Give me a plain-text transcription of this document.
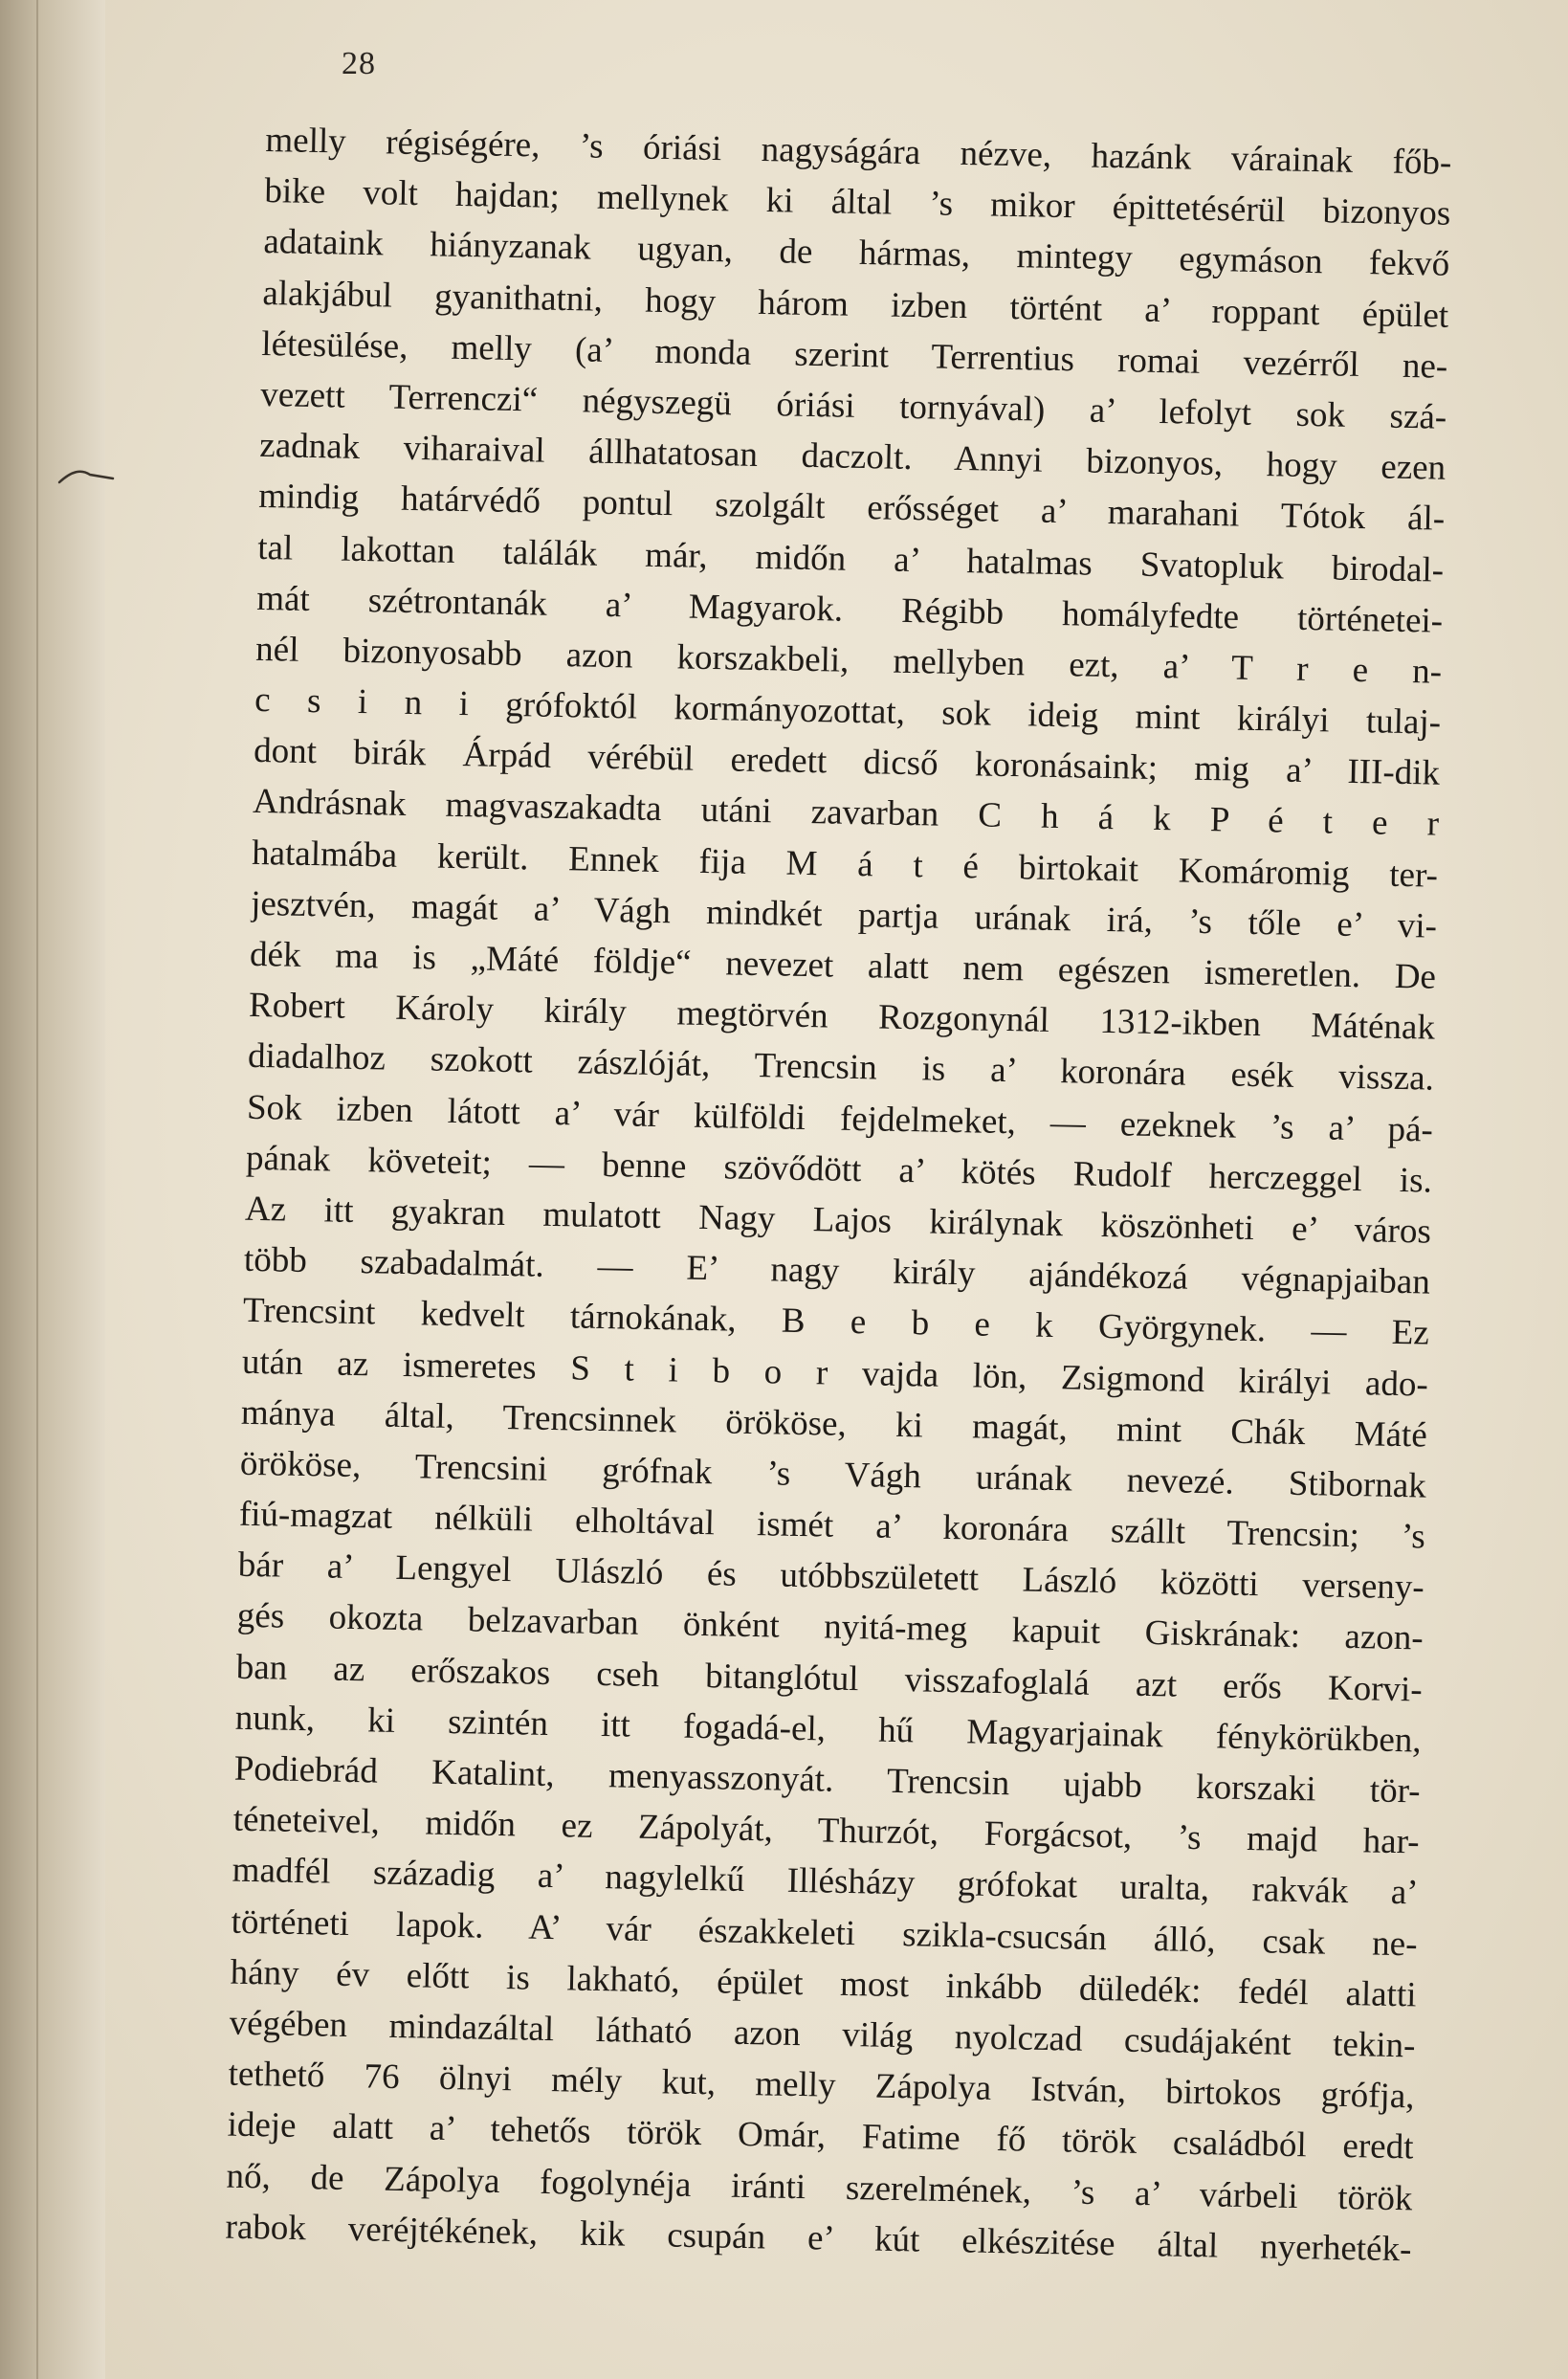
28
melly régiségére, ’s óriási nagyságára nézve, hazánk várainak főb-
bike volt hajdan; mellynek ki által ’s mikor épittetésérül bizonyos
adataink hiányzanak ugyan, de hármas, mintegy egymáson fekvő
alakjábul gyanithatni, hogy három izben történt a’ roppant épület
létesülése, melly (a’ monda szerint Terrentius romai vezérről ne-
vezett Terrenczi“ négyszegü óriási tornyával) a’ lefolyt sok szá-
zadnak viharaival állhatatosan daczolt. Annyi bizonyos, hogy ezen
mindig határvédő pontul szolgált erősséget a’ marahani Tótok ál-
tal lakottan találák már, midőn a’ hatalmas Svatopluk birodal-
mát szétrontanák a’ Magyarok. Régibb homályfedte történetei-
nél bizonyosabb azon korszakbeli, mellyben ezt, a’ T r e n-
c s i n i grófoktól kormányozottat, sok ideig mint királyi tulaj-
dont birák Árpád vérébül eredett dicső koronásaink; mig a’ III-dik
Andrásnak magvaszakadta utáni zavarban C h á k P é t e r
hatalmába került. Ennek fija M á t é birtokait Komáromig ter-
jesztvén, magát a’ Vágh mindkét partja urának irá, ’s tőle e’ vi-
dék ma is „Máté földje“ nevezet alatt nem egészen ismeretlen. De
Robert Károly király megtörvén Rozgonynál 1312-ikben Máténak
diadalhoz szokott zászlóját, Trencsin is a’ koronára esék vissza.
Sok izben látott a’ vár külföldi fejdelmeket, — ezeknek ’s a’ pá-
pának követeit; — benne szövődött a’ kötés Rudolf herczeggel is.
Az itt gyakran mulatott Nagy Lajos királynak köszönheti e’ város
több szabadalmát. — E’ nagy király ajándékozá végnapjaiban
Trencsint kedvelt tárnokának, B e b e k Györgynek. — Ez
után az ismeretes S t i b o r vajda lön, Zsigmond királyi ado-
mánya által, Trencsinnek örököse, ki magát, mint Chák Máté
örököse, Trencsini grófnak ’s Vágh urának nevezé. Stibornak
fiú-magzat nélküli elholtával ismét a’ koronára szállt Trencsin; ’s
bár a’ Lengyel Ulászló és utóbbszületett László közötti verseny-
gés okozta belzavarban önként nyitá-meg kapuit Giskrának: azon-
ban az erőszakos cseh bitanglótul visszafoglalá azt erős Korvi-
nunk, ki szintén itt fogadá-el, hű Magyarjainak fénykörükben,
Podiebrád Katalint, menyasszonyát. Trencsin ujabb korszaki tör-
téneteivel, midőn ez Zápolyát, Thurzót, Forgácsot, ’s majd har-
madfél századig a’ nagylelkű Illésházy grófokat uralta, rakvák a’
történeti lapok. A’ vár északkeleti szikla-csucsán álló, csak ne-
hány év előtt is lakható, épület most inkább düledék: fedél alatti
végében mindazáltal látható azon világ nyolczad csudájaként tekin-
tethető 76 ölnyi mély kut, melly Zápolya István, birtokos grófja,
ideje alatt a’ tehetős török Omár, Fatime fő török családból eredt
nő, de Zápolya fogolynéja iránti szerelmének, ’s a’ várbeli török
rabok veréjtékének, kik csupán e’ kút elkészitése által nyerheték-
